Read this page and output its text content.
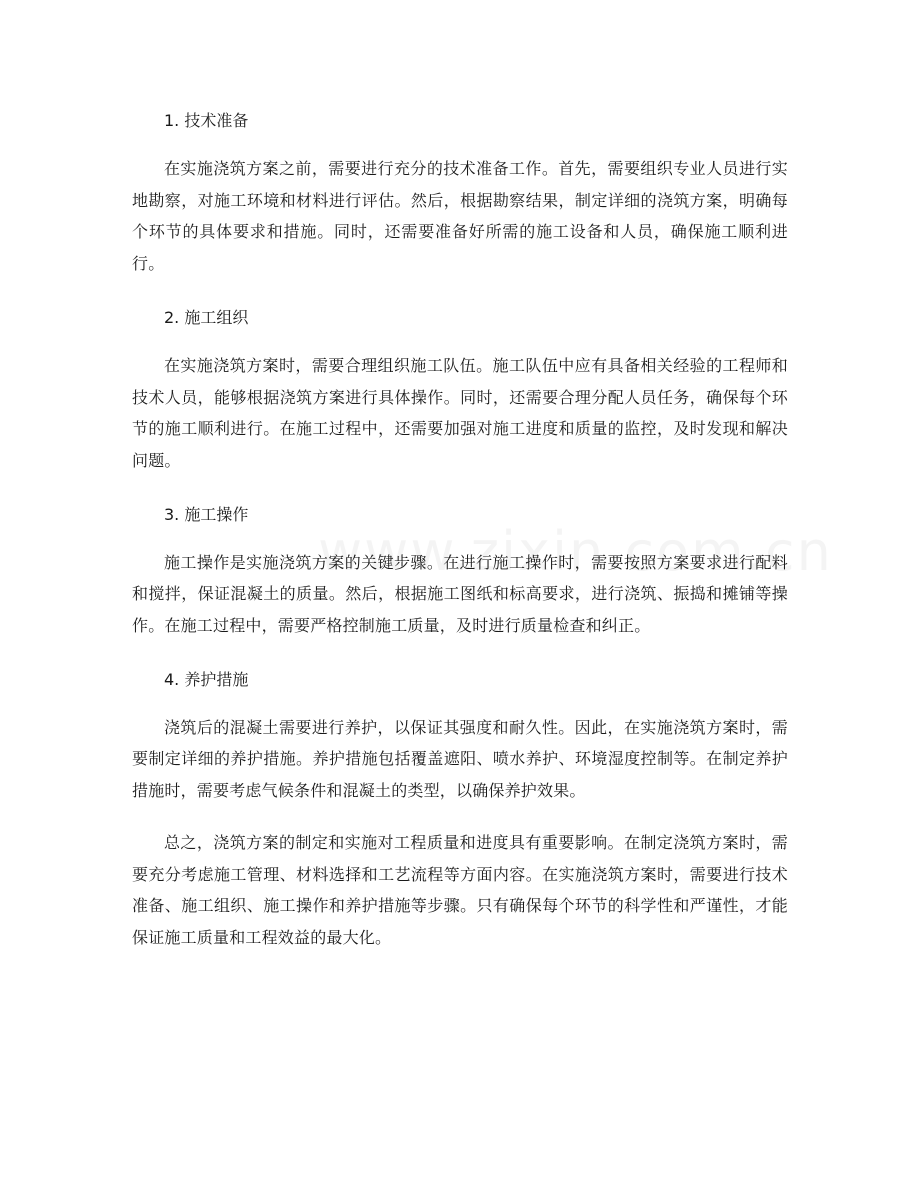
1. 技术准备

在实施浇筑方案之前，需要进行充分的技术准备工作。首先，需要组织专业人员进行实地勘察，对施工环境和材料进行评估。然后，根据勘察结果，制定详细的浇筑方案，明确每个环节的具体要求和措施。同时，还需要准备好所需的施工设备和人员，确保施工顺利进行。

2. 施工组织

在实施浇筑方案时，需要合理组织施工队伍。施工队伍中应有具备相关经验的工程师和技术人员，能够根据浇筑方案进行具体操作。同时，还需要合理分配人员任务，确保每个环节的施工顺利进行。在施工过程中，还需要加强对施工进度和质量的监控，及时发现和解决问题。

3. 施工操作

施工操作是实施浇筑方案的关键步骤。在进行施工操作时，需要按照方案要求进行配料和搅拌，保证混凝土的质量。然后，根据施工图纸和标高要求，进行浇筑、振捣和摊铺等操作。在施工过程中，需要严格控制施工质量，及时进行质量检查和纠正。

4. 养护措施

浇筑后的混凝土需要进行养护，以保证其强度和耐久性。因此，在实施浇筑方案时，需要制定详细的养护措施。养护措施包括覆盖遮阳、喷水养护、环境湿度控制等。在制定养护措施时，需要考虑气候条件和混凝土的类型，以确保养护效果。

总之，浇筑方案的制定和实施对工程质量和进度具有重要影响。在制定浇筑方案时，需要充分考虑施工管理、材料选择和工艺流程等方面内容。在实施浇筑方案时，需要进行技术准备、施工组织、施工操作和养护措施等步骤。只有确保每个环节的科学性和严谨性，才能保证施工质量和工程效益的最大化。
